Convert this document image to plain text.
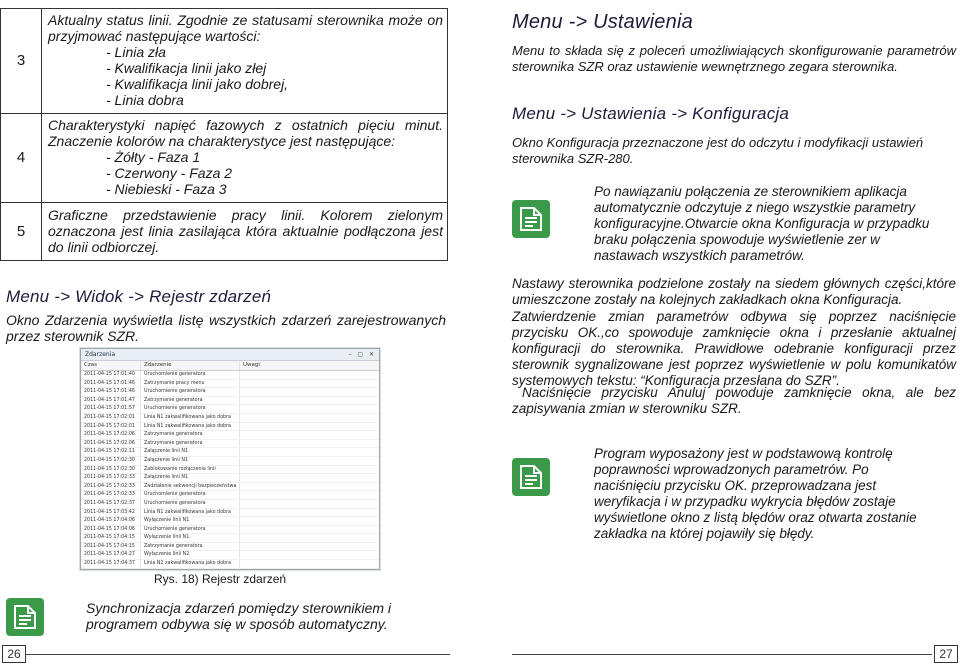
3	Aktualny status linii. Zgodnie ze statusami sterownika może on przyjmować następujące wartości:
- Linia zła
- Kwalifikacja linii jako złej
- Kwalifikacja linii jako dobrej,
- Linia dobra

4	Charakterystyki napięć fazowych z ostatnich pięciu minut. Znaczenie kolorów na charakterystyce jest następujące:
- Żółty - Faza 1
- Czerwony - Faza 2
- Niebieski - Faza 3

5	Graficzne przedstawienie pracy linii. Kolorem zielonym oznaczona jest linia zasilająca która aktualnie podłączona jest do linii odbiorczej.
Menu -> Widok -> Rejestr zdarzeń
Okno Zdarzenia wyświetla listę wszystkich zdarzeń zarejestrowanych przez sterownik SZR.
Zdarzenia	– ▢ ✕
Czas	Zdarzenie	Uwagi
2011-04-15 17:01:40	Uruchomienie generatora
2011-04-15 17:01:46	Zatrzymanie pracy menu
2011-04-15 17:01:46	Uruchomienie generatora
2011-04-15 17:01:47	Zatrzymanie generatora
2011-04-15 17:01:57	Uruchomienie generatora
2011-04-15 17:02:01	Linia N1 zakwalifikowana jako dobra
2011-04-15 17:02:01	Linia N1 zakwalifikowana jako dobra
2011-04-15 17:02:06	Zatrzymanie generatora
2011-04-15 17:02:06	Zatrzymanie generatora
2011-04-15 17:02:11	Załączenie linii N1
2011-04-15 17:02:30	Załączenie linii N1
2011-04-15 17:02:30	Zablokowanie rozłączenia linii
2011-04-15 17:02:33	Załączenie linii N1
2011-04-15 17:02:33	Zadziałanie sekwencji bezpieczeństwa
2011-04-15 17:02:33	Uruchomienie generatora
2011-04-15 17:02:37	Uruchomienie generatora
2011-04-15 17:03:42	Linia N1 zakwalifikowana jako dobra
2011-04-15 17:04:06	Wyłączenie linii N1
2011-04-15 17:04:06	Uruchomienie generatora
2011-04-15 17:04:15	Wyłączenie linii N1
2011-04-15 17:04:15	Zatrzymanie generatora
2011-04-15 17:04:27	Wyłączenie linii N2
2011-04-15 17:04:37	Linia N2 zakwalifikowana jako dobra
Rys. 18) Rejestr zdarzeń
Synchronizacja zdarzeń pomiędzy sterownikiem i programem odbywa się w sposób automatyczny.
Menu -> Ustawienia
Menu to składa się z poleceń umożliwiających skonfigurowanie parametrów sterownika SZR oraz ustawienie wewnętrznego zegara sterownika.
Menu -> Ustawienia -> Konfiguracja
Okno Konfiguracja przeznaczone jest do odczytu i modyfikacji ustawień sterownika SZR-280.
Po nawiązaniu połączenia ze sterownikiem aplikacja automatycznie odczytuje z niego wszystkie parametry konfiguracyjne.Otwarcie okna Konfiguracja w przypadku braku połączenia spowoduje wyświetlenie zer w nastawach wszystkich parametrów.
Nastawy sterownika podzielone zostały na siedem głównych części,które umieszczone zostały na kolejnych zakładkach okna Konfiguracja.
Zatwierdzenie zmian parametrów odbywa się poprzez naciśnięcie przycisku OK.,co spowoduje zamknięcie okna i przesłanie aktualnej konfiguracji do sterownika. Prawidłowe odebranie konfiguracji przez sterownik sygnalizowane jest poprzez wyświetlenie w polu komunikatów systemowych tekstu: “Konfiguracja przesłana do SZR”.
Naciśnięcie przycisku Anuluj powoduje zamknięcie okna, ale bez zapisywania zmian w sterowniku SZR.
Program wyposażony jest w podstawową kontrolę poprawności wprowadzonych parametrów. Po naciśnięciu przycisku OK. przeprowadzana jest weryfikacja i w przypadku wykrycia błędów zostaje wyświetlone okno z listą błędów oraz otwarta zostanie zakładka na której pojawiły się błędy.
26	27
